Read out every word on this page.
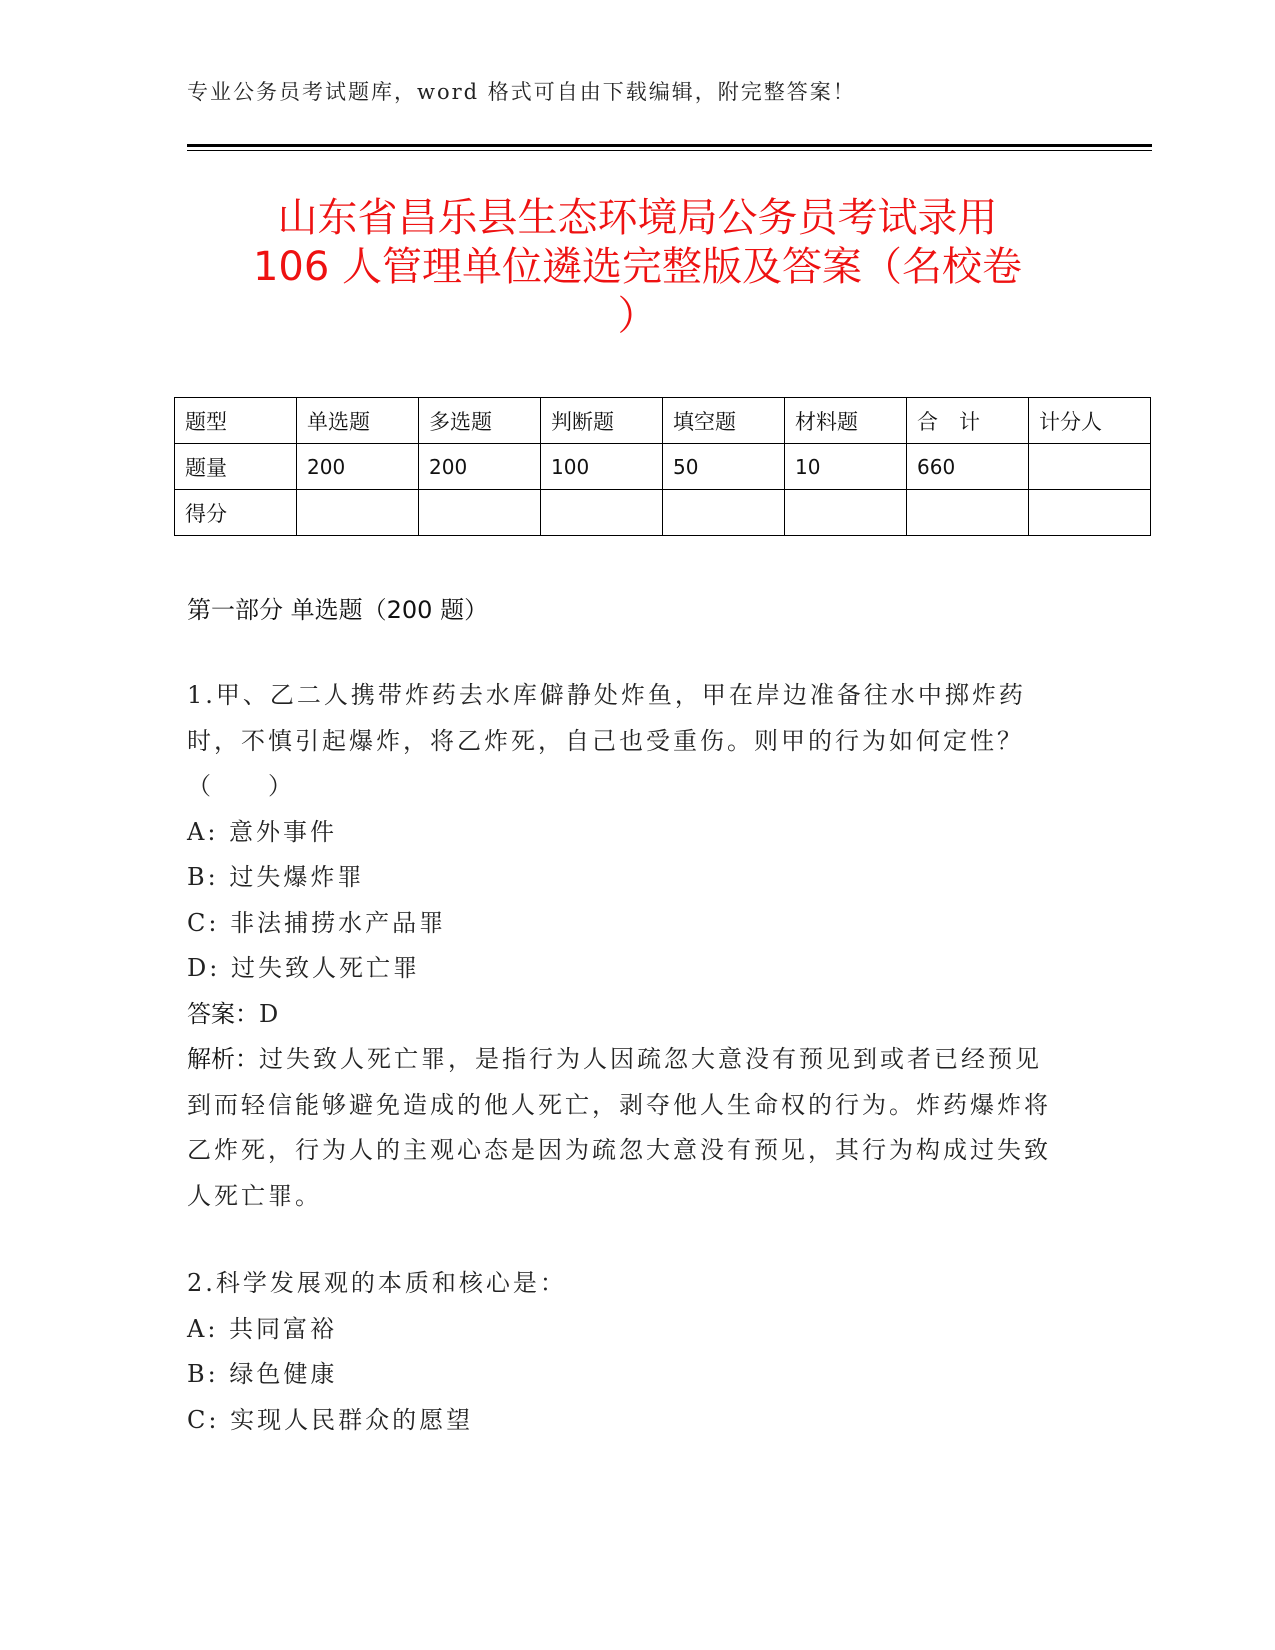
专业公务员考试题库，word 格式可自由下载编辑，附完整答案！
山东省昌乐县生态环境局公务员考试录用
106 人管理单位遴选完整版及答案（名校卷
）
题型	单选题	多选题	判断题	填空题	材料题	合　计	计分人
题量	200	200	100	50	10	660	
得分							
第一部分 单选题（200 题）
1.甲、乙二人携带炸药去水库僻静处炸鱼，甲在岸边准备往水中掷炸药时，不慎引起爆炸，将乙炸死，自己也受重伤。则甲的行为如何定性？（　　）
A: 意外事件
B: 过失爆炸罪
C: 非法捕捞水产品罪
D: 过失致人死亡罪
答案：D
解析：过失致人死亡罪，是指行为人因疏忽大意没有预见到或者已经预见到而轻信能够避免造成的他人死亡，剥夺他人生命权的行为。炸药爆炸将乙炸死，行为人的主观心态是因为疏忽大意没有预见，其行为构成过失致人死亡罪。
2.科学发展观的本质和核心是：
A: 共同富裕
B: 绿色健康
C: 实现人民群众的愿望
